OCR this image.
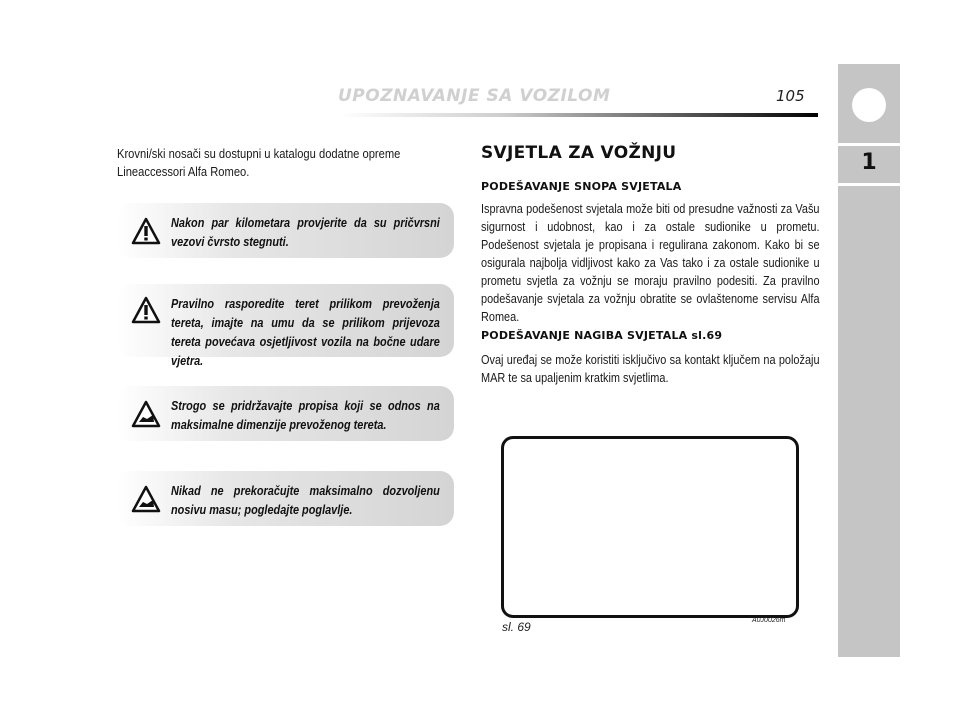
UPOZNAVANJE SA VOZILOM	105
1
Krovni/ski nosači su dostupni u katalogu dodatne opreme Lineaccessori Alfa Romeo.
Nakon par kilometara provjerite da su pričvrsni vezovi čvrsto stegnuti.
Pravilno rasporedite teret prilikom prevoženja tereta, imajte na umu da se prilikom prijevoza tereta povećava osjetljivost vozila na bočne udare vjetra.
Strogo se pridržavajte propisa koji se odnos na maksimalne dimenzije prevoženog tereta.
Nikad ne prekoračujte maksimalno dozvoljenu nosivu masu; pogledajte poglavlje.
SVJETLA ZA VOŽNJU
PODEŠAVANJE SNOPA SVJETALA
Ispravna podešenost svjetala može biti od presudne važnosti za Vašu sigurnost i udobnost, kao i za ostale sudionike u prometu. Podešenost svjetala je propisana i regulirana zakonom. Kako bi se osigurala najbolja vidljivost kako za Vas tako i za ostale sudionike u prometu svjetla za vožnju se moraju pravilno podesiti. Za pravilno podešavanje svjetala za vožnju obratite se ovlaštenome servisu Alfa Romea.
PODEŠAVANJE NAGIBA SVJETALA sl.69
Ovaj uređaj se može koristiti isključivo sa kontakt ključem na položaju MAR te sa upaljenim kratkim svjetlima.
A0J0026m
sl. 69
